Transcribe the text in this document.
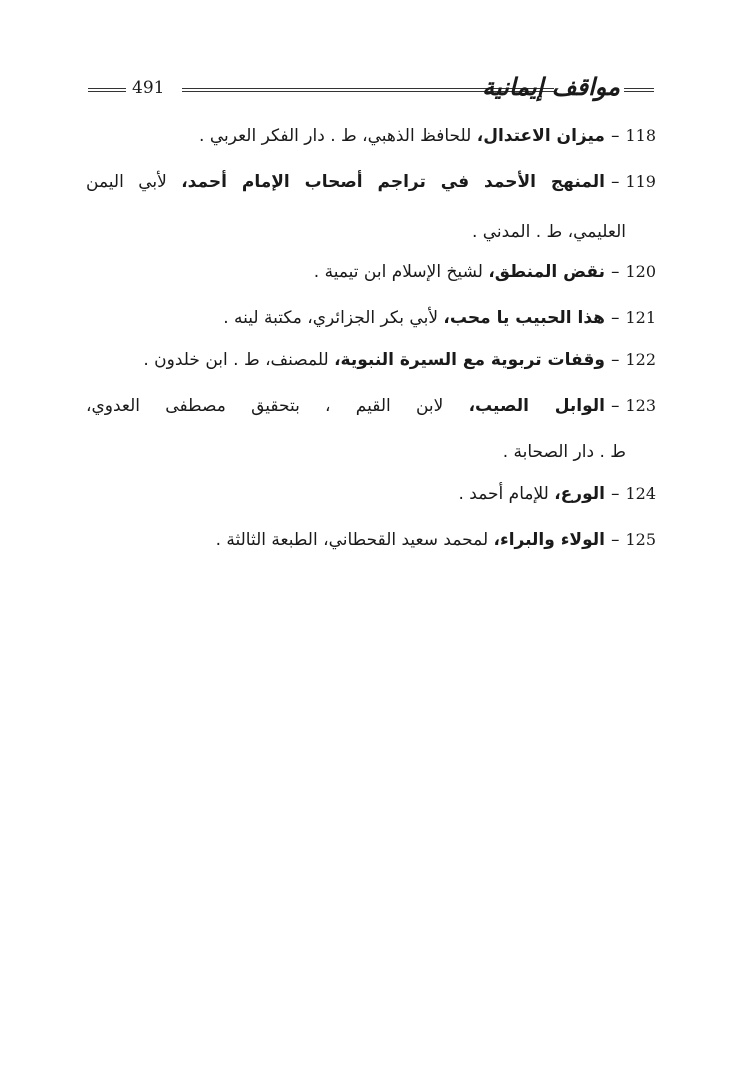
491	مواقف إيمانية
118–ميزان الاعتدال، للحافظ الذهبي، ط . دار الفكر العربي .
119–المنهج الأحمد في تراجم أصحاب الإمام أحمد، لأبي اليمن
العليمي، ط . المدني .
120–نقض المنطق، لشيخ الإسلام ابن تيمية .
121–هذا الحبيب يا محب، لأبي بكر الجزائري، مكتبة لينه .
122–وقفات تربوية مع السيرة النبوية، للمصنف، ط . ابن خلدون .
123–الوابل الصيب، لابن القيم ، بتحقيق مصطفى العدوي،
ط . دار الصحابة .
124–الورع، للإمام أحمد .
125–الولاء والبراء، لمحمد سعيد القحطاني، الطبعة الثالثة .
